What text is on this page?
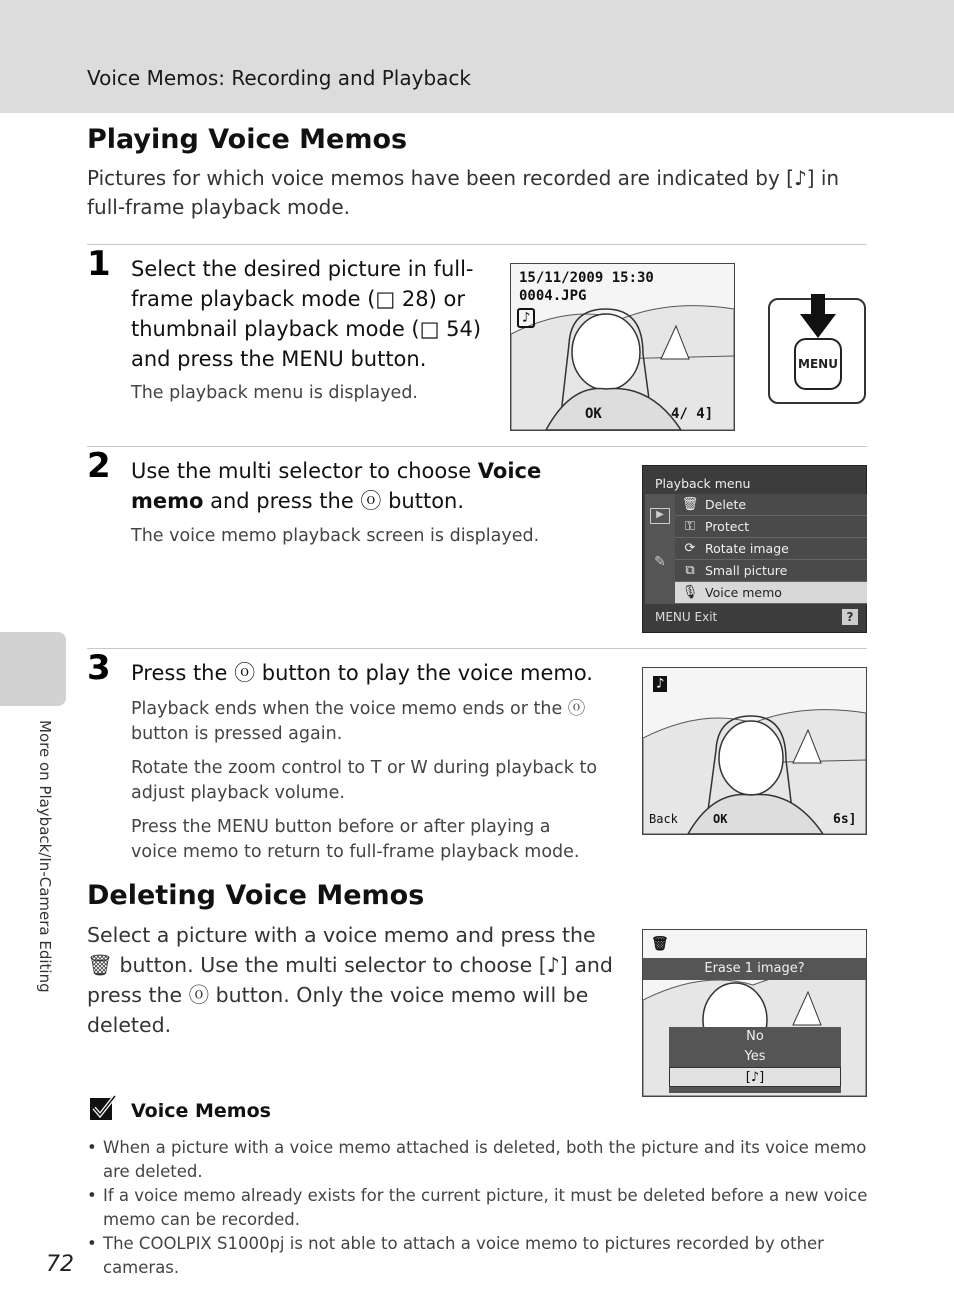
Voice Memos: Recording and Playback
More on Playback/In-Camera Editing
Playing Voice Memos
Pictures for which voice memos have been recorded are indicated by [♪] in full-frame playback mode.
1 Select the desired picture in full-frame playback mode (□ 28) or thumbnail playback mode (□ 54) and press the MENU button.
The playback menu is displayed.
15/11/2009 15:30
0004.JPG
♪
OK	4/ 4]
MENU
2 Use the multi selector to choose Voice memo and press the ⓞ button.
The voice memo playback screen is displayed.
Playback menu
▶
✎
🗑 Delete
⚿ Protect
⟳ Rotate image
⧉ Small picture
🎙 Voice memo
MENU Exit	?
3 Press the ⓞ button to play the voice memo.
Playback ends when the voice memo ends or the ⓞ button is pressed again.
Rotate the zoom control to T or W during playback to adjust playback volume.
Press the MENU button before or after playing a voice memo to return to full-frame playback mode.
♪
Back	OK	6s]
Deleting Voice Memos
Select a picture with a voice memo and press the 🗑 button. Use the multi selector to choose [♪] and press the ⓞ button. Only the voice memo will be deleted.
🗑
Erase 1 image?
No
Yes
[♪]
Voice Memos
• When a picture with a voice memo attached is deleted, both the picture and its voice memo are deleted.
• If a voice memo already exists for the current picture, it must be deleted before a new voice memo can be recorded.
• The COOLPIX S1000pj is not able to attach a voice memo to pictures recorded by other cameras.
72
